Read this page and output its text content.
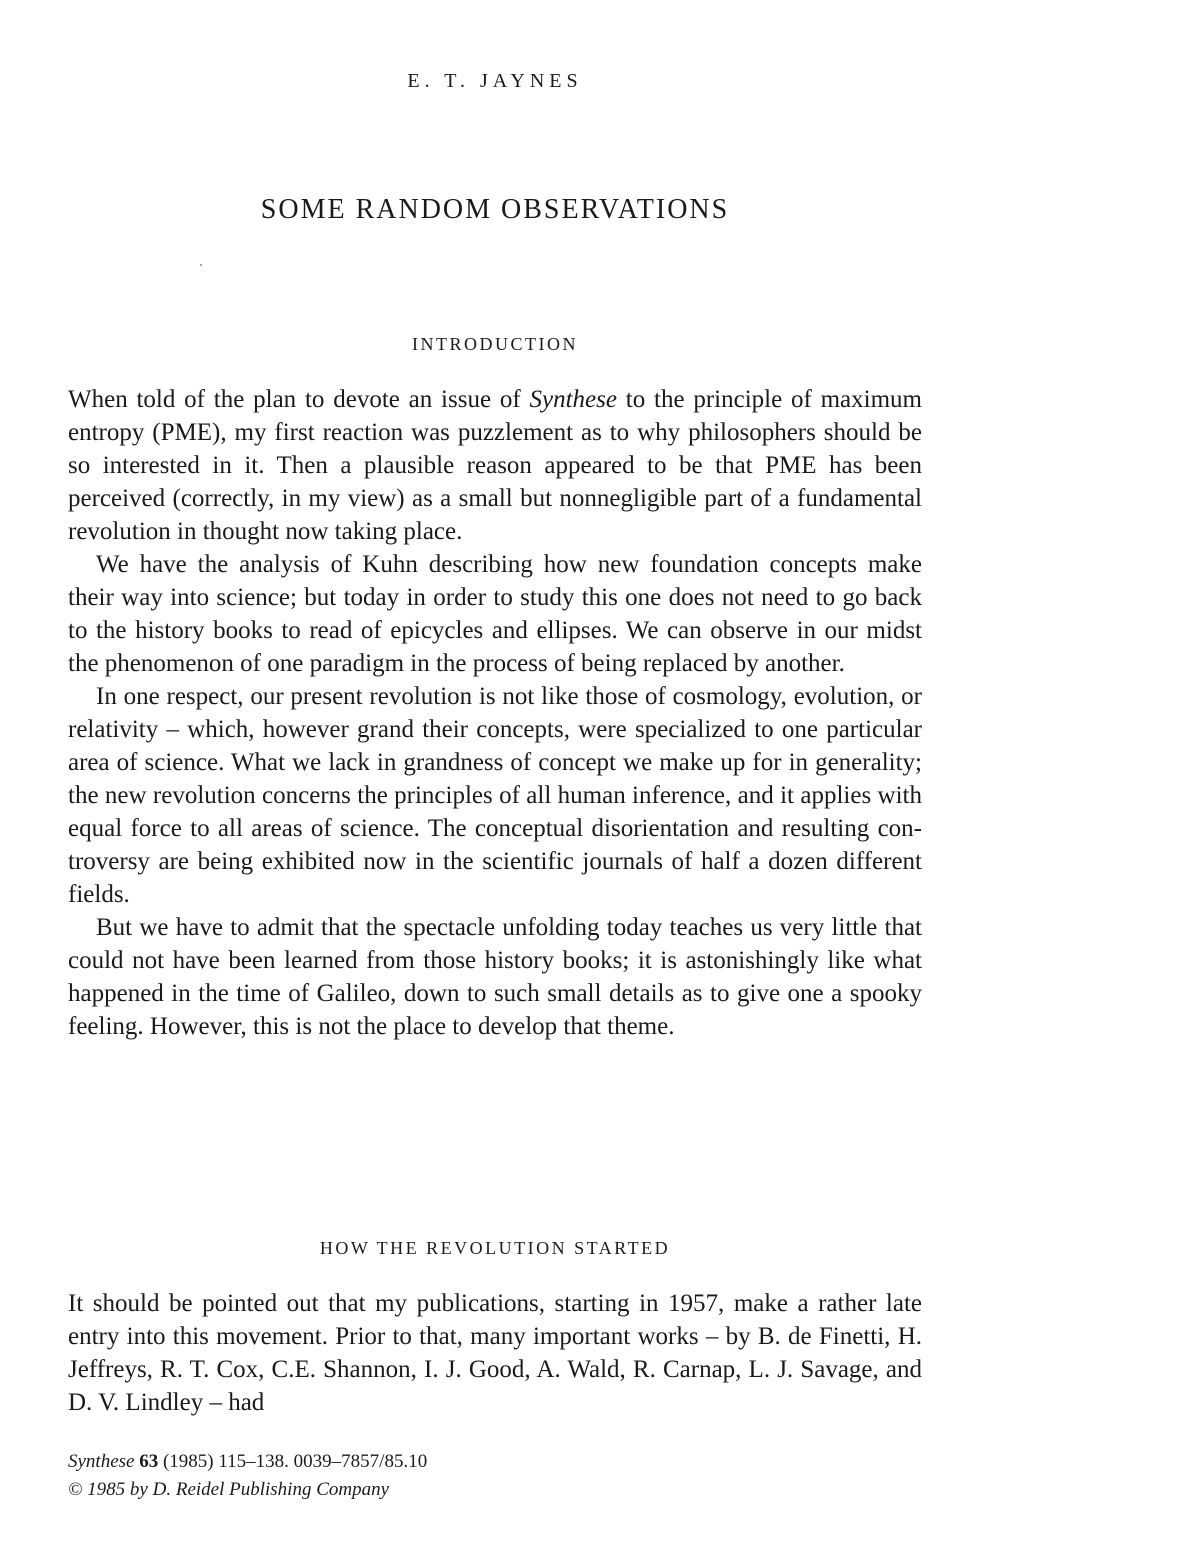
E. T. JAYNES
SOME RANDOM OBSERVATIONS
INTRODUCTION

When told of the plan to devote an issue of Synthese to the principle of maximum entropy (PME), my first reaction was puzzlement as to why philosophers should be so interested in it. Then a plausible reason appeared to be that PME has been perceived (correctly, in my view) as a small but nonnegligible part of a fundamental revolution in thought now taking place.

We have the analysis of Kuhn describing how new foundation concepts make their way into science; but today in order to study this one does not need to go back to the history books to read of epicycles and ellipses. We can observe in our midst the phenomenon of one paradigm in the process of being replaced by another.

In one respect, our present revolution is not like those of cosmology, evolution, or relativity – which, however grand their concepts, were specialized to one particular area of science. What we lack in grandness of concept we make up for in generality; the new revolution concerns the principles of all human inference, and it applies with equal force to all areas of science. The conceptual disorientation and resulting controversy are being exhibited now in the scientific journals of half a dozen different fields.

But we have to admit that the spectacle unfolding today teaches us very little that could not have been learned from those history books; it is astonishingly like what happened in the time of Galileo, down to such small details as to give one a spooky feeling. However, this is not the place to develop that theme.

HOW THE REVOLUTION STARTED

It should be pointed out that my publications, starting in 1957, make a rather late entry into this movement. Prior to that, many important works – by B. de Finetti, H. Jeffreys, R. T. Cox, C.E. Shannon, I. J. Good, A. Wald, R. Carnap, L. J. Savage, and D. V. Lindley – had

Synthese 63 (1985) 115–138. 0039–7857/85.10
© 1985 by D. Reidel Publishing Company
